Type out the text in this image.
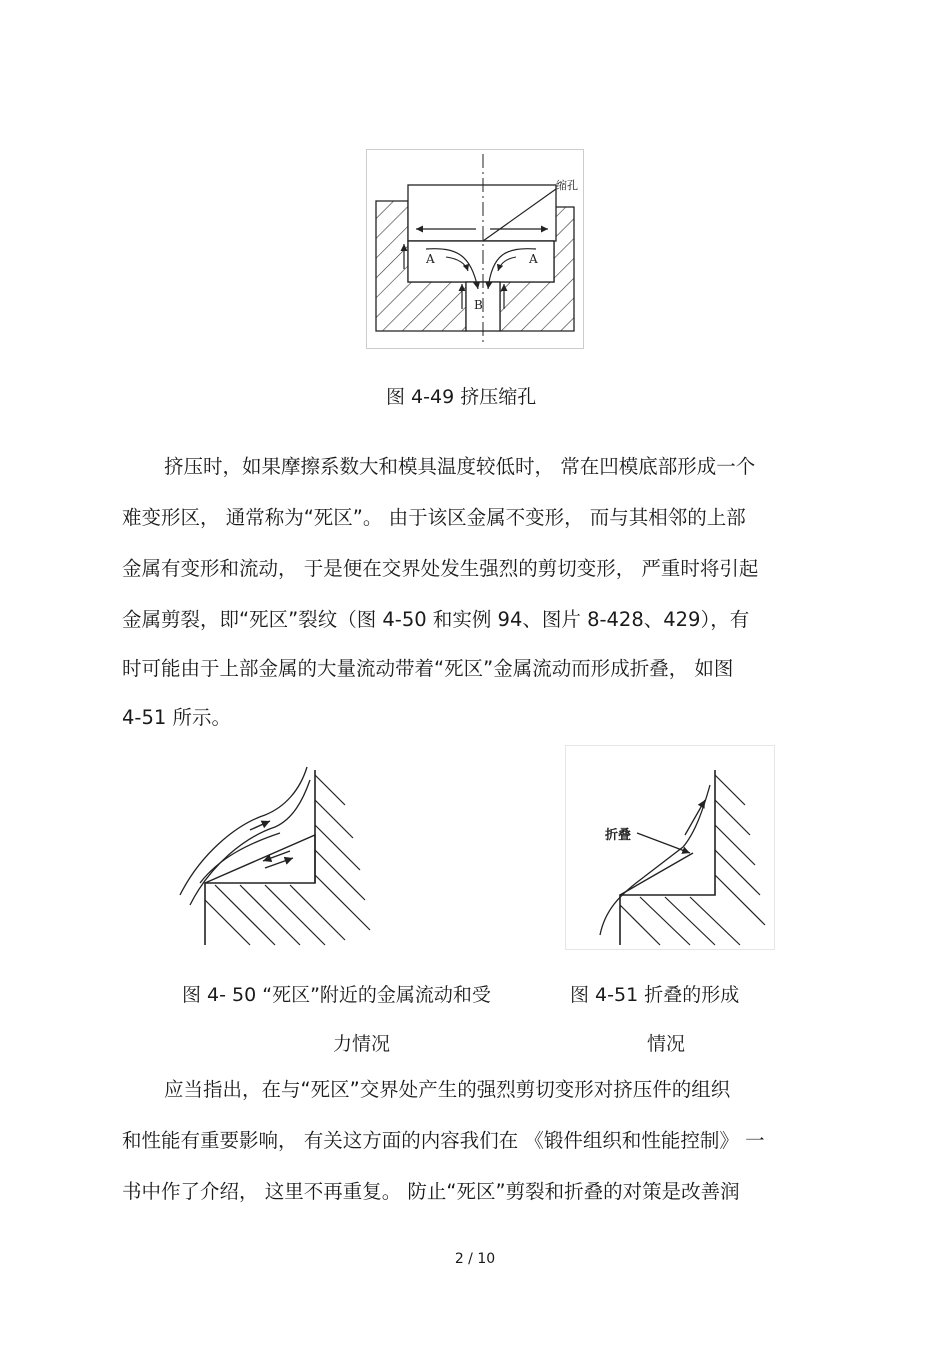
缩孔
A	A
B
图 4-49 挤压缩孔
挤压时，如果摩擦系数大和模具温度较低时， 常在凹模底部形成一个
难变形区， 通常称为“死区”。 由于该区金属不变形， 而与其相邻的上部
金属有变形和流动， 于是便在交界处发生强烈的剪切变形， 严重时将引起
金属剪裂，即“死区”裂纹（图 4-50 和实例 94、图片 8-428、429），有
时可能由于上部金属的大量流动带着“死区”金属流动而形成折叠， 如图
4-51 所示。
折叠
图 4- 50 “死区”附近的金属流动和受
力情况
图 4-51 折叠的形成
情况
应当指出，在与“死区”交界处产生的强烈剪切变形对挤压件的组织
和性能有重要影响， 有关这方面的内容我们在 《锻件组织和性能控制》 一
书中作了介绍， 这里不再重复。 防止“死区”剪裂和折叠的对策是改善润
2 / 10
